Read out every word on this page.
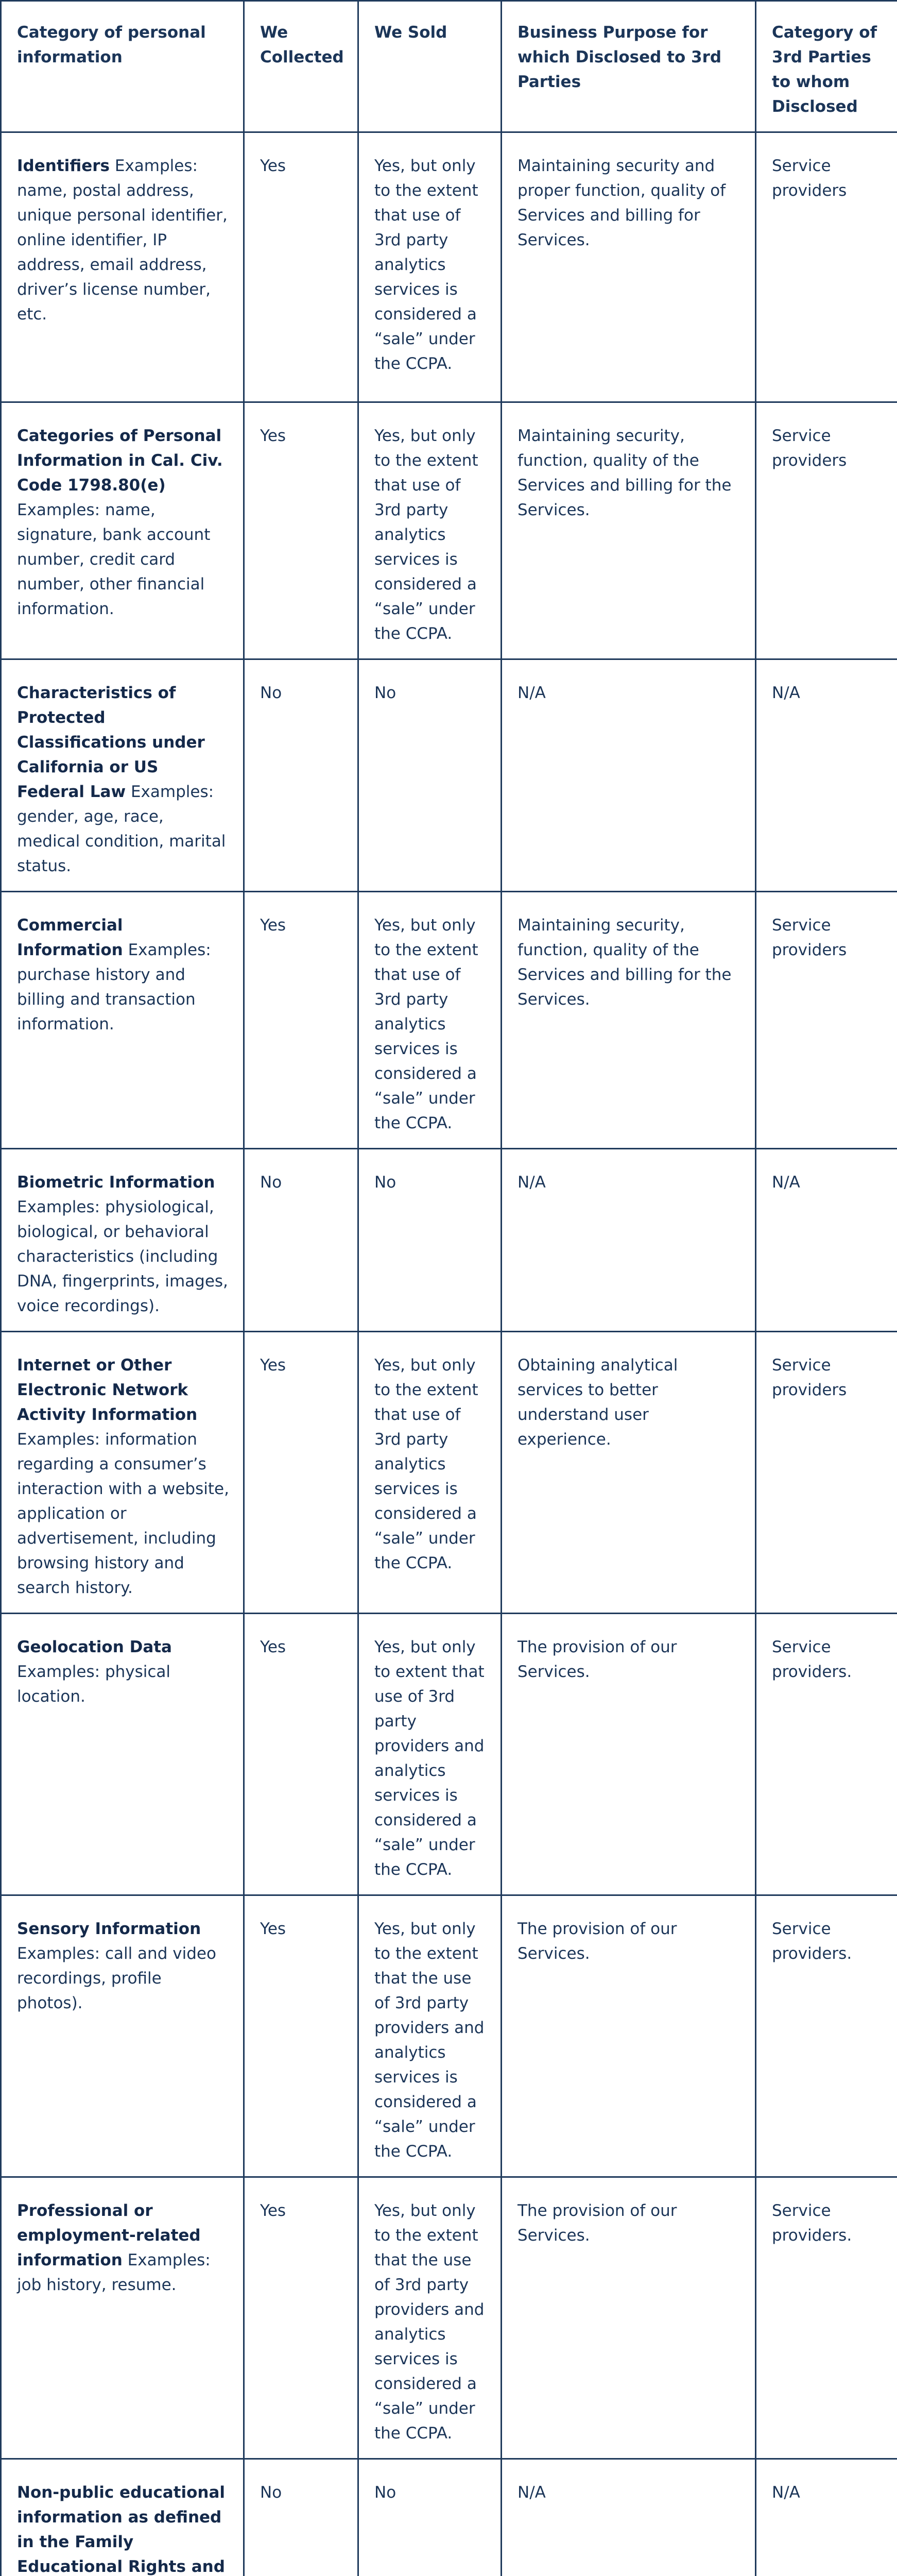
Category of personal information	We Collected	We Sold	Business Purpose for which Disclosed to 3rd Parties	Category of 3rd Parties to whom Disclosed
Identifiers Examples: name, postal address, unique personal identifier, online identifier, IP address, email address, driver’s license number, etc.	Yes	Yes, but only to the extent that use of 3rd party analytics services is considered a “sale” under the CCPA.	Maintaining security and proper function, quality of Services and billing for Services.	Service providers
Categories of Personal Information in Cal. Civ. Code 1798.80(e) Examples: name, signature, bank account number, credit card number, other financial information.	Yes	Yes, but only to the extent that use of 3rd party analytics services is considered a “sale” under the CCPA.	Maintaining security, function, quality of the Services and billing for the Services.	Service providers
Characteristics of Protected Classifications under California or US Federal Law Examples: gender, age, race, medical condition, marital status.	No	No	N/A	N/A
Commercial Information Examples: purchase history and billing and transaction information.	Yes	Yes, but only to the extent that use of 3rd party analytics services is considered a “sale” under the CCPA.	Maintaining security, function, quality of the Services and billing for the Services.	Service providers
Biometric Information Examples: physiological, biological, or behavioral characteristics (including DNA, fingerprints, images, voice recordings).	No	No	N/A	N/A
Internet or Other Electronic Network Activity Information Examples: information regarding a consumer’s interaction with a website, application or advertisement, including browsing history and search history.	Yes	Yes, but only to the extent that use of 3rd party analytics services is considered a “sale” under the CCPA.	Obtaining analytical services to better understand user experience.	Service providers
Geolocation Data Examples: physical location.	Yes	Yes, but only to extent that use of 3rd party providers and analytics services is considered a “sale” under the CCPA.	The provision of our Services.	Service providers.
Sensory Information Examples: call and video recordings, profile photos).	Yes	Yes, but only to the extent that the use of 3rd party providers and analytics services is considered a “sale” under the CCPA.	The provision of our Services.	Service providers.
Professional or employment-related information Examples: job history, resume.	Yes	Yes, but only to the extent that the use of 3rd party providers and analytics services is considered a “sale” under the CCPA.	The provision of our Services.	Service providers.
Non-public educational information as defined in the Family Educational Rights and	No	No	N/A	N/A
